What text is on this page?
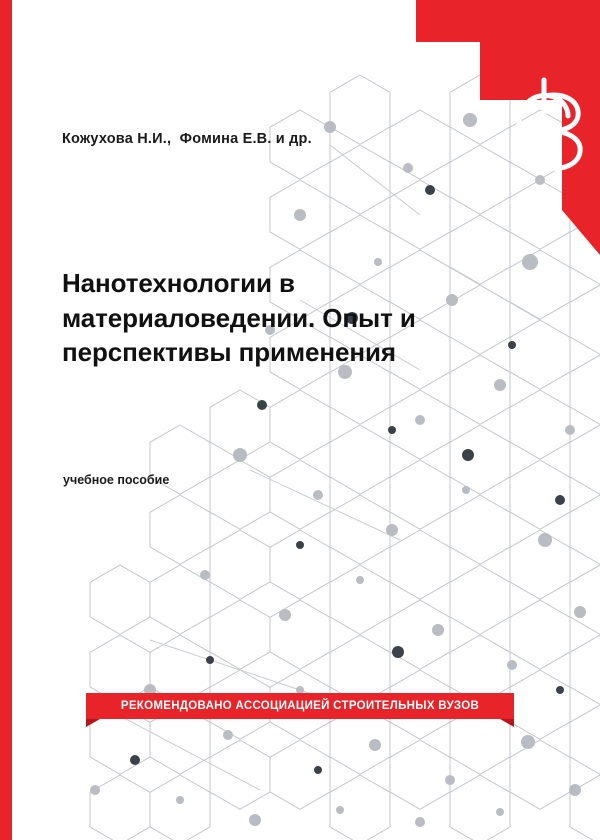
Кожухова Н.И.,  Фомина Е.В. и др.
Нанотехнологии в материаловедении. Опыт и перспективы применения
учебное пособие
РЕКОМЕНДОВАНО АССОЦИАЦИЕЙ СТРОИТЕЛЬНЫХ ВУЗОВ
